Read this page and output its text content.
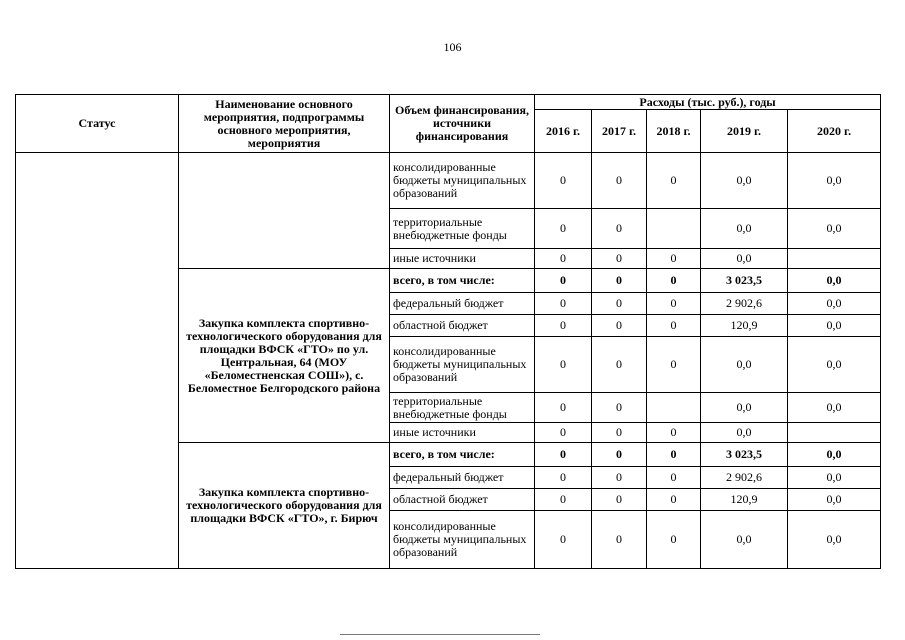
106
Статус	Наименование основного мероприятия, подпрограммы основного мероприятия, мероприятия	Объем финансирования, источники финансирования	Расходы (тыс. руб.), годы				
			2016 г.	2017 г.	2018 г.	2019 г.	2020 г.
		консолидированные бюджеты муниципальных образований	0	0	0	0,0	0,0
		территориальные внебюджетные фонды	0	0		0,0	0,0
		иные источники	0	0	0	0,0	
	Закупка комплекта спортивно-технологического оборудования для площадки ВФСК «ГТО» по ул. Центральная, 64 (МОУ «Беломестненская СОШ»), с. Беломестное Белгородского района	всего, в том числе:	0	0	0	3 023,5	0,0
		федеральный бюджет	0	0	0	2 902,6	0,0
		областной бюджет	0	0	0	120,9	0,0
		консолидированные бюджеты муниципальных образований	0	0	0	0,0	0,0
		территориальные внебюджетные фонды	0	0		0,0	0,0
		иные источники	0	0	0	0,0	
	Закупка комплекта спортивно-технологического оборудования для площадки ВФСК «ГТО», г. Бирюч	всего, в том числе:	0	0	0	3 023,5	0,0
		федеральный бюджет	0	0	0	2 902,6	0,0
		областной бюджет	0	0	0	120,9	0,0
		консолидированные бюджеты муниципальных образований	0	0	0	0,0	0,0
